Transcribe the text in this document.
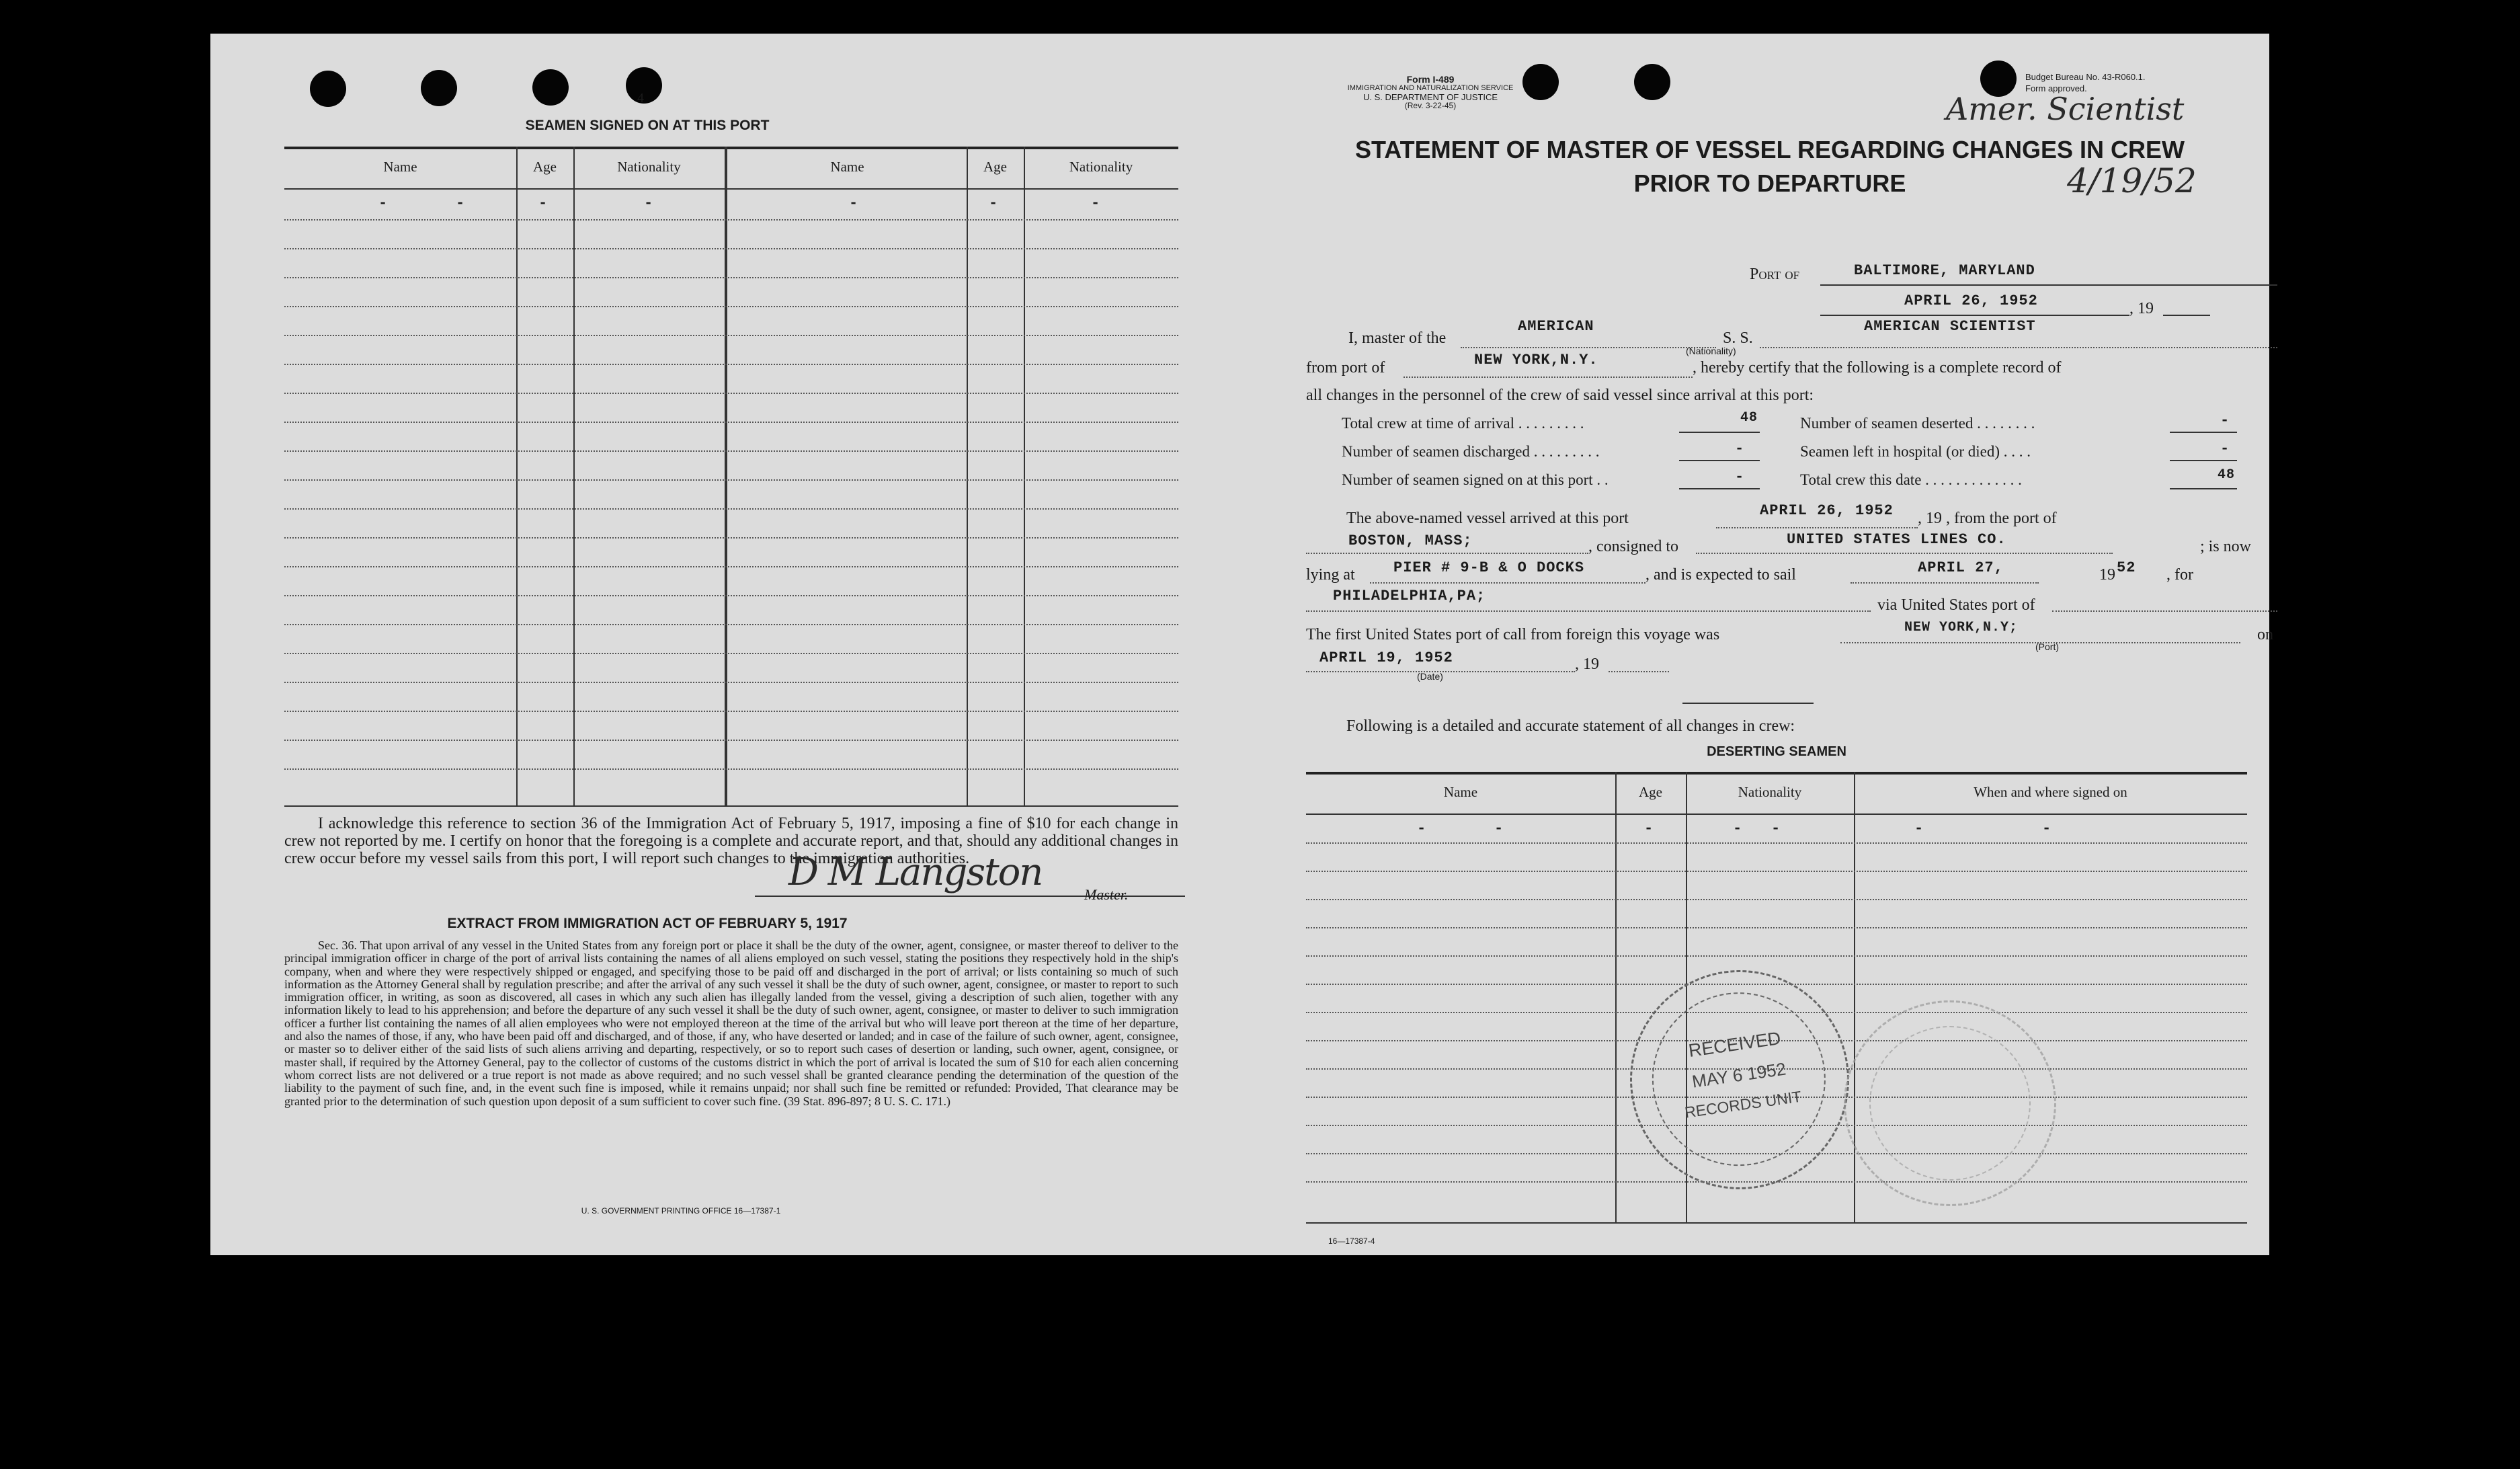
4
SEAMEN SIGNED ON AT THIS PORT
Name	Age	Nationality	Name	Age	Nationality
-	-	-	-	-	-	-
I acknowledge this reference to section 36 of the Immigration Act of February 5, 1917, imposing a fine of $10 for each change in crew not reported by me. I certify on honor that the foregoing is a complete and accurate report, and that, should any additional changes in crew occur before my vessel sails from this port, I will report such changes to the immigration authorities.
D M Langston
Master.
EXTRACT FROM IMMIGRATION ACT OF FEBRUARY 5, 1917
Sec. 36. That upon arrival of any vessel in the United States from any foreign port or place it shall be the duty of the owner, agent, consignee, or master thereof to deliver to the principal immigration officer in charge of the port of arrival lists containing the names of all aliens employed on such vessel, stating the positions they respectively hold in the ship's company, when and where they were respectively shipped or engaged, and specifying those to be paid off and discharged in the port of arrival; or lists containing so much of such information as the Attorney General shall by regulation prescribe; and after the arrival of any such vessel it shall be the duty of such owner, agent, consignee, or master to report to such immigration officer, in writing, as soon as discovered, all cases in which any such alien has illegally landed from the vessel, giving a description of such alien, together with any information likely to lead to his apprehension; and before the departure of any such vessel it shall be the duty of such owner, agent, consignee, or master to deliver to such immigration officer a further list containing the names of all alien employees who were not employed thereon at the time of the arrival but who will leave port thereon at the time of her departure, and also the names of those, if any, who have been paid off and discharged, and of those, if any, who have deserted or landed; and in case of the failure of such owner, agent, consignee, or master so to deliver either of the said lists of such aliens arriving and departing, respectively, or so to report such cases of desertion or landing, such owner, agent, consignee, or master shall, if required by the Attorney General, pay to the collector of customs of the customs district in which the port of arrival is located the sum of $10 for each alien concerning whom correct lists are not delivered or a true report is not made as above required; and no such vessel shall be granted clearance pending the determination of the question of the liability to the payment of such fine, and, in the event such fine is imposed, while it remains unpaid; nor shall such fine be remitted or refunded: Provided, That clearance may be granted prior to the determination of such question upon deposit of a sum sufficient to cover such fine. (39 Stat. 896-897; 8 U. S. C. 171.)
U. S. GOVERNMENT PRINTING OFFICE 16—17387-1
Form I-489
IMMIGRATION AND NATURALIZATION SERVICE
U. S. DEPARTMENT OF JUSTICE
(Rev. 3-22-45)
Budget Bureau No. 43-R060.1.
Form approved.
Amer. Scientist
4/19/52
STATEMENT OF MASTER OF VESSEL REGARDING CHANGES IN CREW
PRIOR TO DEPARTURE
Port of	BALTIMORE, MARYLAND
APRIL 26, 1952	, 19
I, master of the
AMERICAN
(Nationality)
S. S.
AMERICAN SCIENTIST
from port of	NEW YORK,N.Y.	, hereby certify that the following is a complete record of
all changes in the personnel of the crew of said vessel since arrival at this port:
Total crew at time of arrival . . . . . . . . .	48	Number of seamen deserted . . . . . . . .	-
Number of seamen discharged . . . . . . . . .	-	Seamen left in hospital (or died) . . . .	-
Number of seamen signed on at this port . .	-	Total crew this date . . . . . . . . . . . . .	48
The above-named vessel arrived at this port	APRIL 26, 1952 , 19 , from the port of
BOSTON, MASS;	, consigned to	UNITED STATES LINES CO.	; is now
lying at	PIER # 9-B & O DOCKS	, and is expected to sail	APRIL 27,	19 52 , for
PHILADELPHIA,PA;
via United States port of
The first United States port of call from foreign this voyage was	NEW YORK,N.Y;
(Port)
on
APRIL 19, 1952
(Date)
, 19
Following is a detailed and accurate statement of all changes in crew:
DESERTING SEAMEN
Name	Age	Nationality	When and where signed on
-	-	-	- -	-	-
RECEIVED
MAY 6 1952
RECORDS UNIT
16—17387-4
